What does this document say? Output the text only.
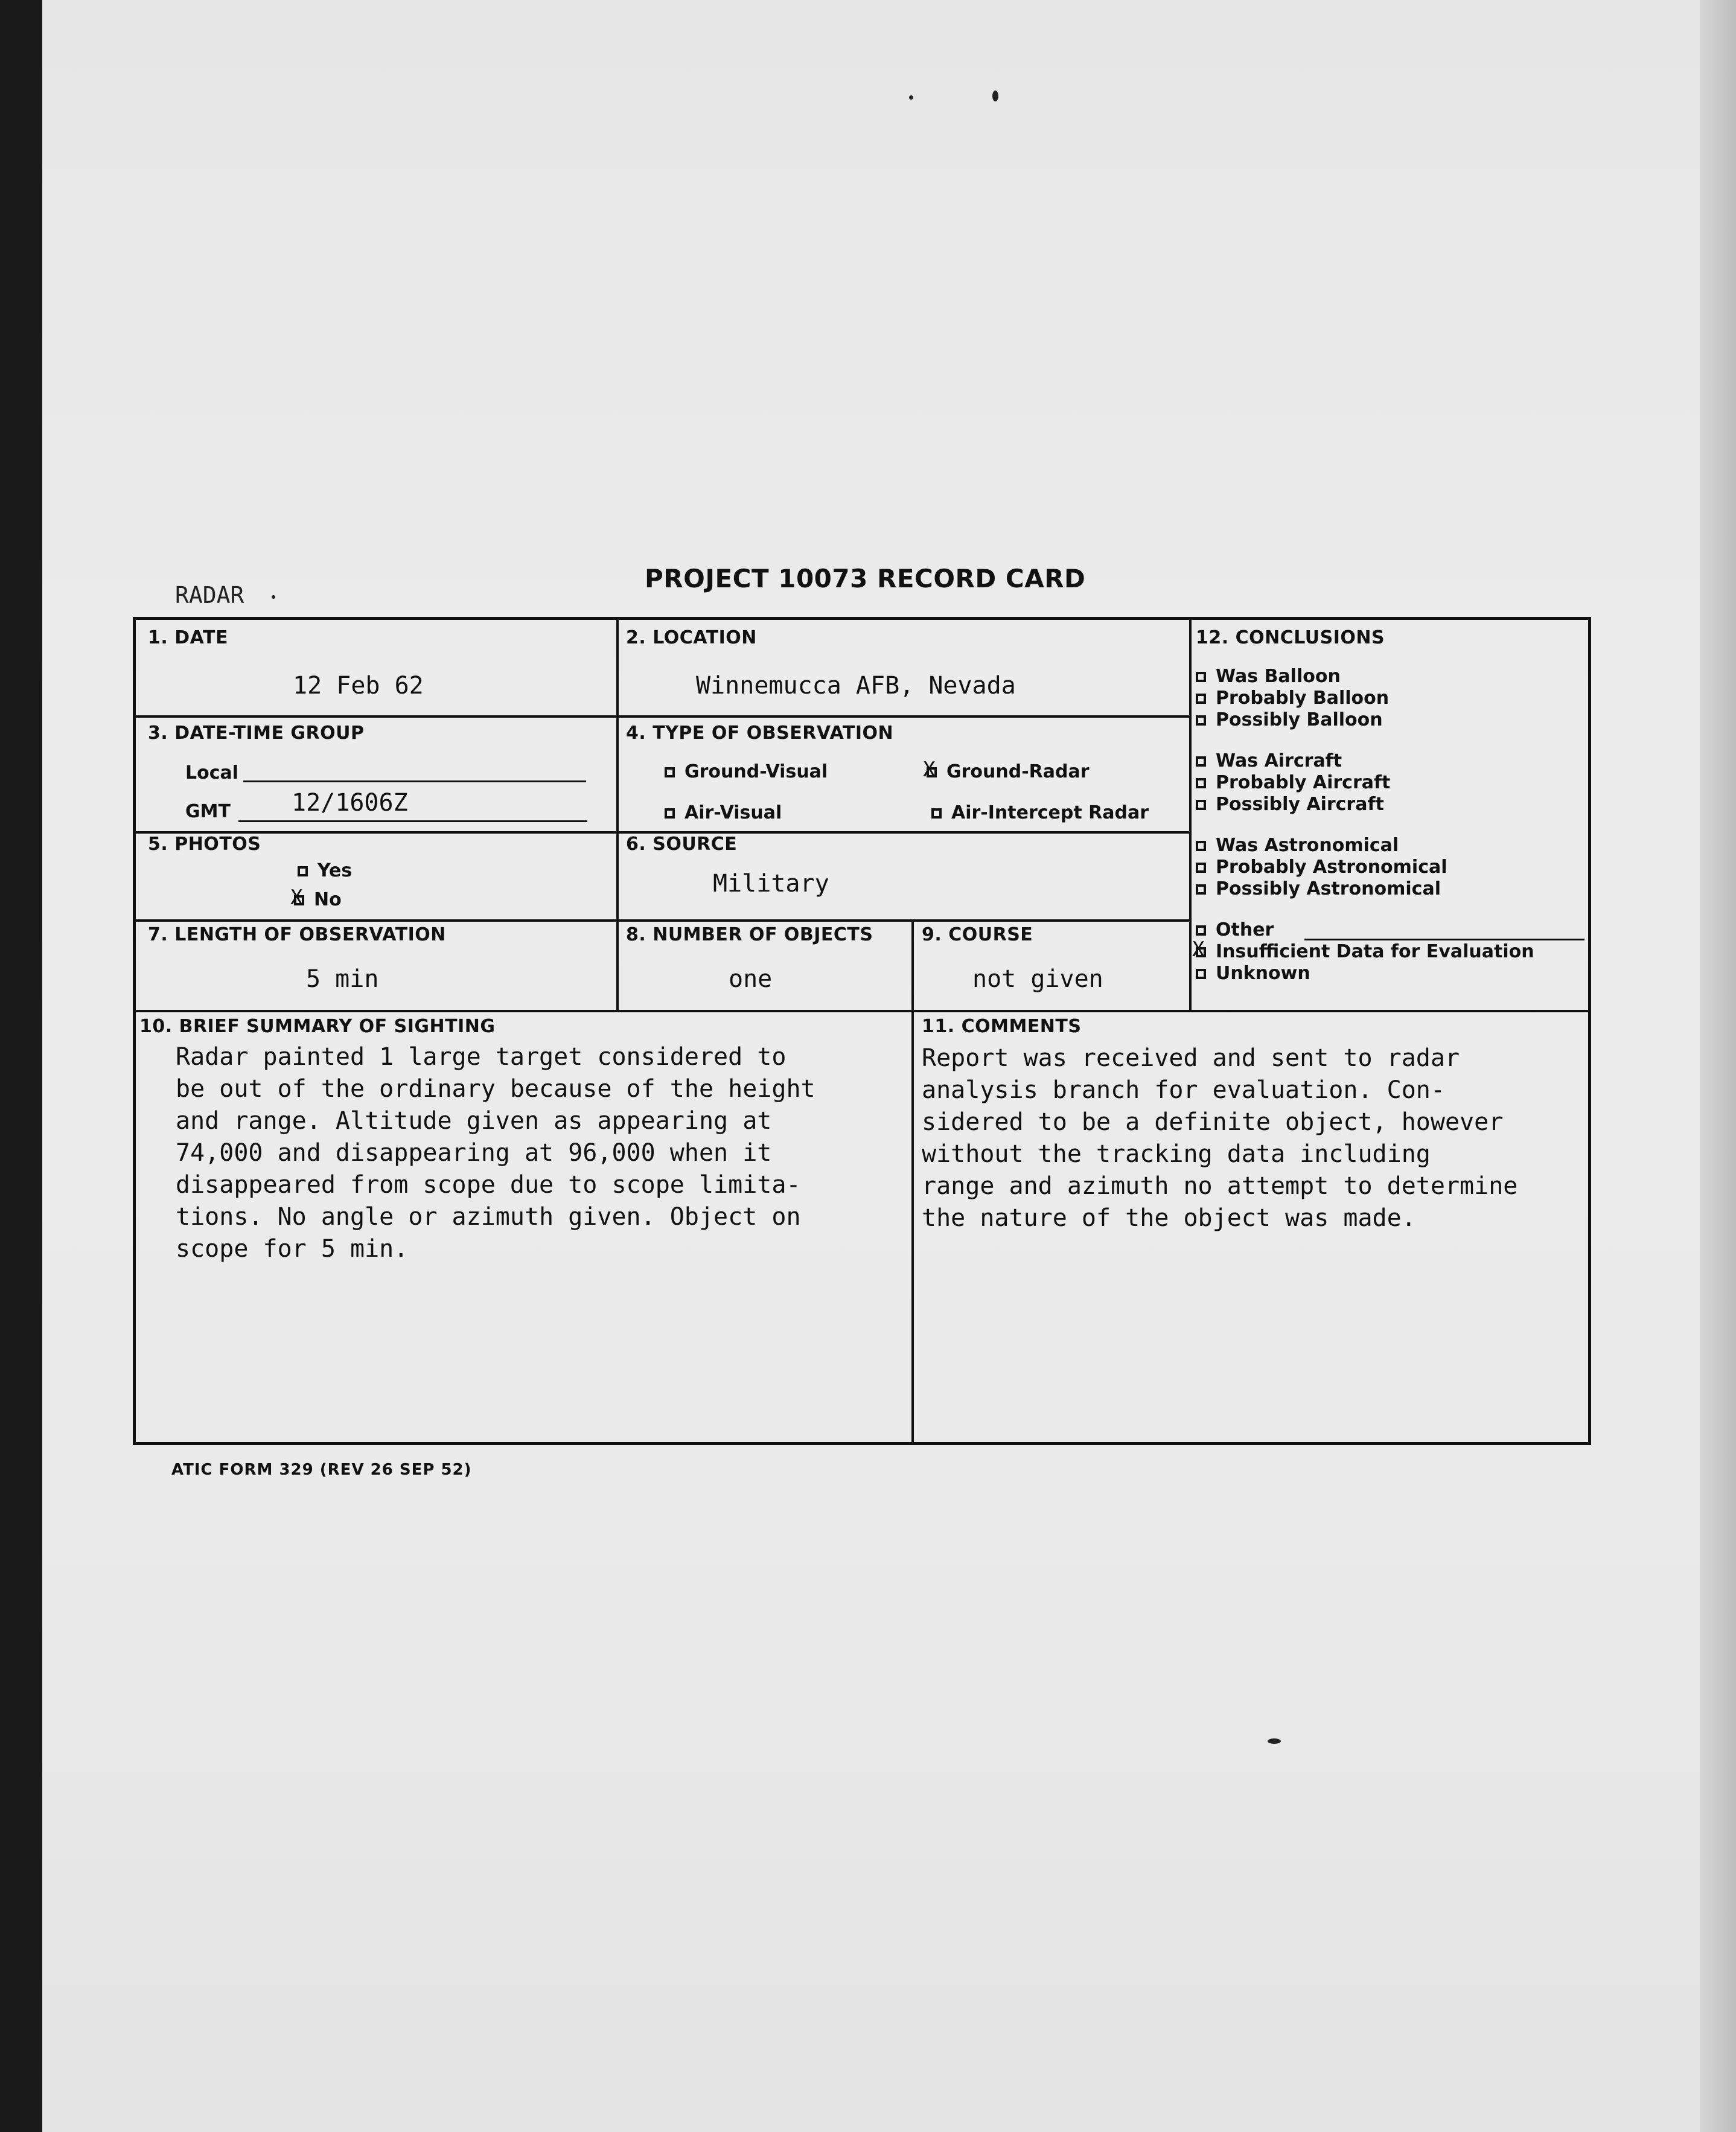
RADAR
PROJECT 10073 RECORD CARD
1. DATE
12 Feb 62
2. LOCATION
Winnemucca AFB, Nevada
3. DATE-TIME GROUP
Local
GMT	12/1606Z
4. TYPE OF OBSERVATION
Ground-Visual
X	Ground-Radar
Air-Visual	Air-Intercept Radar
5. PHOTOS
Yes
XNo
6. SOURCE
Military
7. LENGTH OF OBSERVATION
5 min
8. NUMBER OF OBJECTS
one
9. COURSE
not given
10. BRIEF SUMMARY OF SIGHTING
Radar painted 1 large target considered to
be out of the ordinary because of the height
and range. Altitude given as appearing at
74,000 and disappearing at 96,000 when it
disappeared from scope due to scope limita-
tions. No angle or azimuth given. Object on
scope for 5 min.
11. COMMENTS
Report was received and sent to radar
analysis branch for evaluation. Con-
sidered to be a definite object, however
without the tracking data including
range and azimuth no attempt to determine
the nature of the object was made.
12. CONCLUSIONS
Was Balloon
Probably Balloon
Possibly Balloon
Was Aircraft
Probably Aircraft
Possibly Aircraft
Was Astronomical
Probably Astronomical
Possibly Astronomical
Other
XInsufficient Data for Evaluation
Unknown
ATIC FORM 329 (REV 26 SEP 52)
